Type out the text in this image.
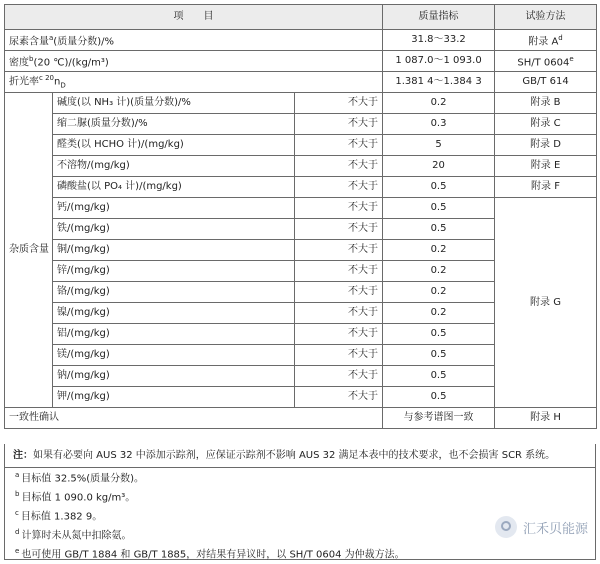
项　　目			质量指标	试验方法
尿素含量$^a$(质量分数)/%			31.8～33.2	附录 $A^d$
密度$^b$(20 ℃)/(kg/m³)			1 087.0～1 093.0	SH/T 0604e
折光率$^{c 20}n_D$			1.381 4～1.384 3	GB/T 614
杂质含量	碱度(以 NH₃ 计)(质量分数)/%	不大于	0.2	附录 B
	缩二脲(质量分数)/%	不大于	0.3	附录 C
	醛类(以 HCHO 计)/(mg/kg)	不大于	5	附录 D
	不溶物/(mg/kg)	不大于	20	附录 E
	磷酸盐(以 PO₄ 计)/(mg/kg)	不大于	0.5	附录 F
	钙/(mg/kg)	不大于	0.5	附录 G
	铁/(mg/kg)	不大于	0.5	
	铜/(mg/kg)	不大于	0.2	
	锌/(mg/kg)	不大于	0.2	
	铬/(mg/kg)	不大于	0.2	
	镍/(mg/kg)	不大于	0.2	
	铝/(mg/kg)	不大于	0.5	
	镁/(mg/kg)	不大于	0.5	
	钠/(mg/kg)	不大于	0.5	
	钾/(mg/kg)	不大于	0.5	
一致性确认			与参考谱图一致	附录 H
注：如果有必要向 AUS 32 中添加示踪剂，应保证示踪剂不影响 AUS 32 满足本表中的技术要求，也不会损害 SCR 系统。
$^a$ 目标值 32.5%(质量分数)。
$^b$ 目标值 1 090.0 kg/m³。
$^c$ 目标值 1.382 9。
$^d$ 计算时未从氮中扣除氨。
$^e$ 也可使用 GB/T 1884 和 GB/T 1885，对结果有异议时，以 SH/T 0604 为仲裁方法。
汇禾贝能源
